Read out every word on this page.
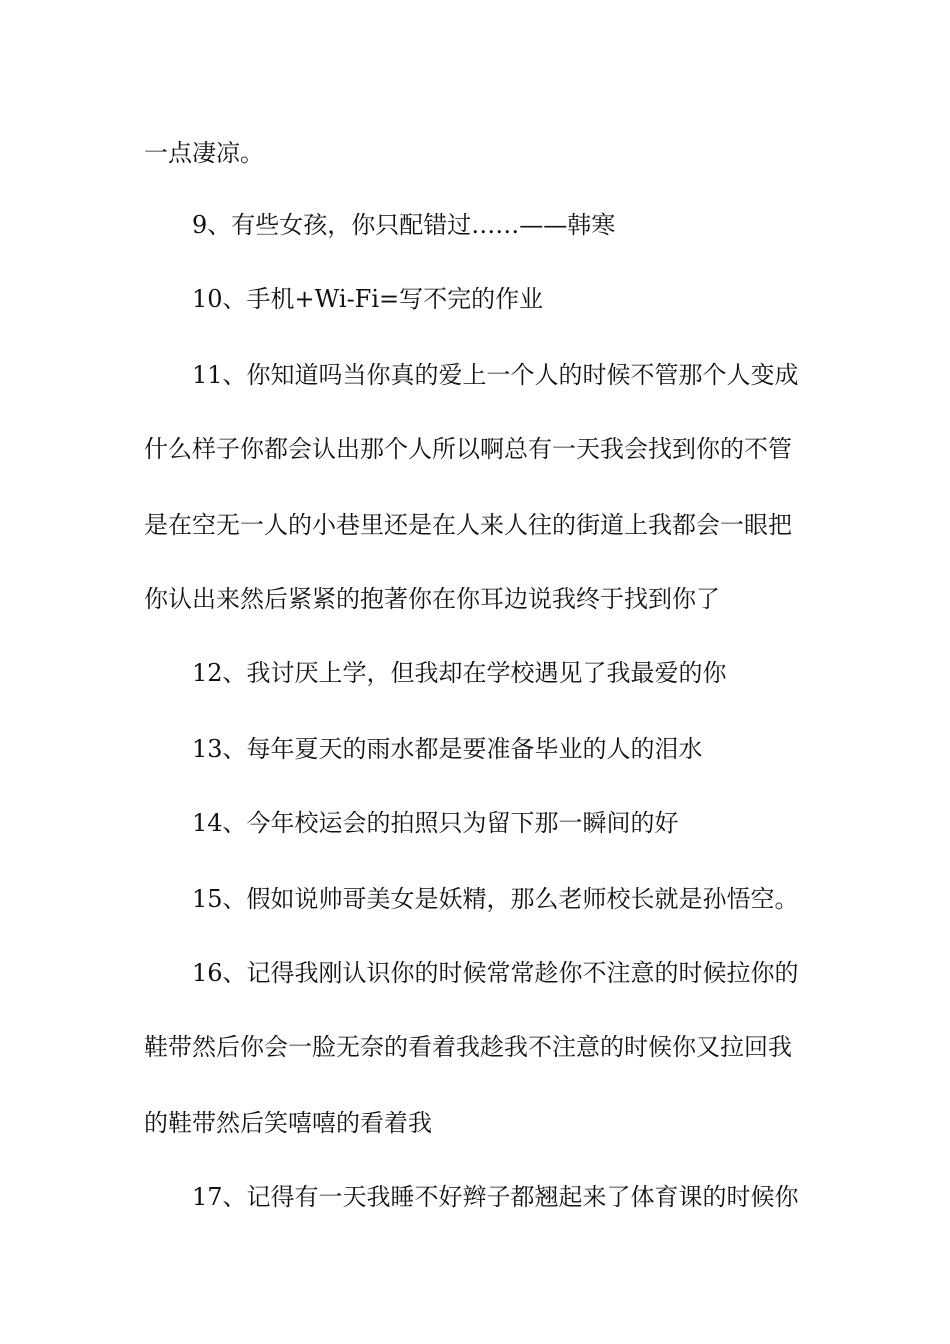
一点凄凉。
9、有些女孩，你只配错过……——韩寒
10、手机+Wi-Fi=写不完的作业
11、你知道吗当你真的爱上一个人的时候不管那个人变成
什么样子你都会认出那个人所以啊总有一天我会找到你的不管
是在空无一人的小巷里还是在人来人往的街道上我都会一眼把
你认出来然后紧紧的抱著你在你耳边说我终于找到你了
12、我讨厌上学，但我却在学校遇见了我最爱的你
13、每年夏天的雨水都是要准备毕业的人的泪水
14、今年校运会的拍照只为留下那一瞬间的好
15、假如说帅哥美女是妖精，那么老师校长就是孙悟空。
16、记得我刚认识你的时候常常趁你不注意的时候拉你的
鞋带然后你会一脸无奈的看着我趁我不注意的时候你又拉回我
的鞋带然后笑嘻嘻的看着我
17、记得有一天我睡不好辫子都翘起来了体育课的时候你
